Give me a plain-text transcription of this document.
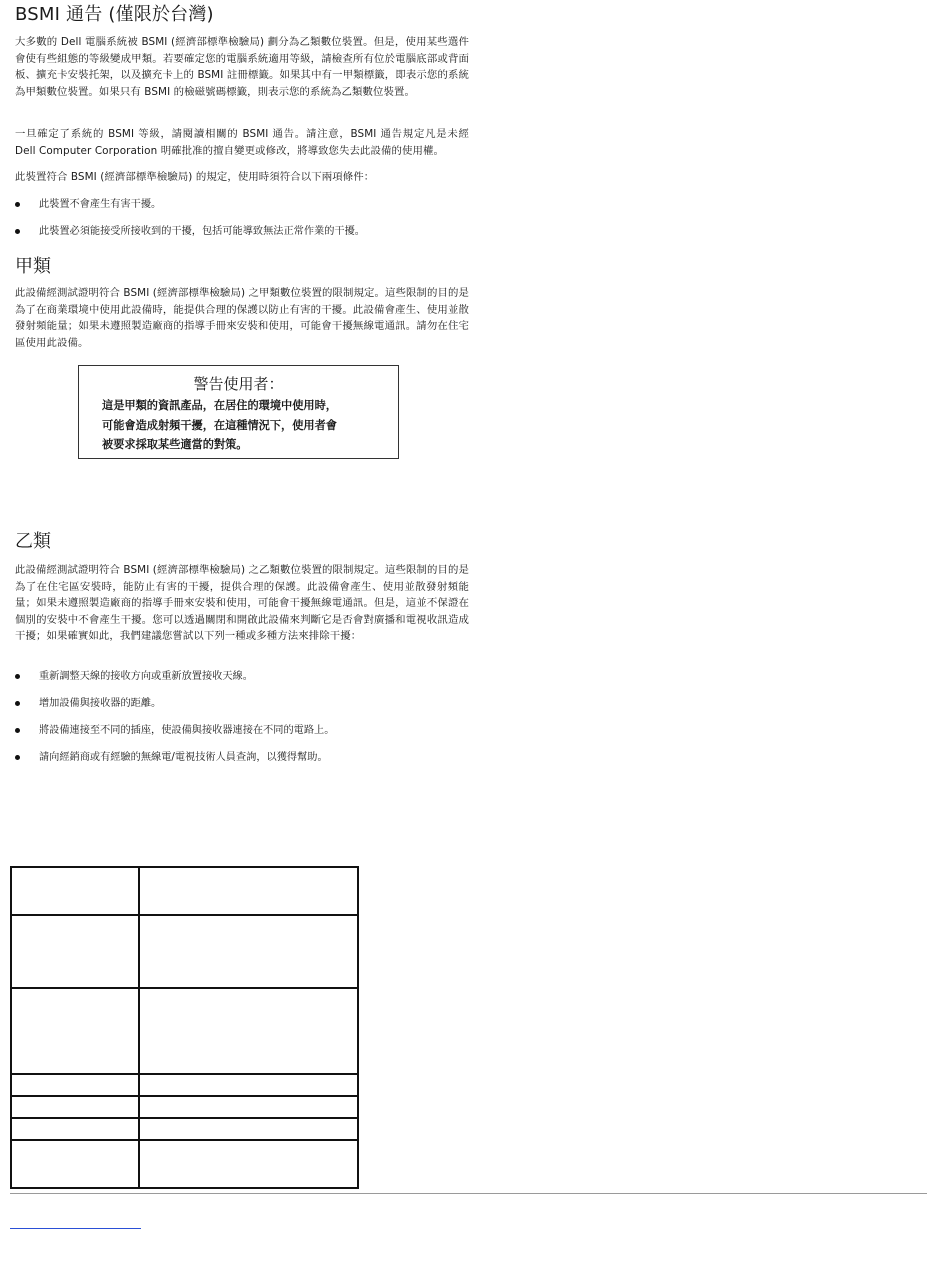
BSMI 通告 (僅限於台灣)

大多數的 Dell 電腦系統被 BSMI (經濟部標準檢驗局) 劃分為乙類數位裝置。但是，使用某些選件會使有些組態的等級變成甲類。若要確定您的電腦系統適用等級，請檢查所有位於電腦底部或背面板、擴充卡安裝托架，以及擴充卡上的 BSMI 註冊標籤。如果其中有一甲類標籤，即表示您的系統為甲類數位裝置。如果只有 BSMI 的檢磁號碼標籤，則表示您的系統為乙類數位裝置。

一旦確定了系統的 BSMI 等級，請閱讀相關的 BSMI 通告。請注意，BSMI 通告規定凡是未經 Dell Computer Corporation 明確批准的擅自變更或修改，將導致您失去此設備的使用權。

此裝置符合 BSMI (經濟部標準檢驗局) 的規定，使用時須符合以下兩項條件：

此裝置不會產生有害干擾。
此裝置必須能接受所接收到的干擾，包括可能導致無法正常作業的干擾。
甲類

此設備經測試證明符合 BSMI (經濟部標準檢驗局) 之甲類數位裝置的限制規定。這些限制的目的是為了在商業環境中使用此設備時，能提供合理的保護以防止有害的干擾。此設備會產生、使用並散發射頻能量；如果未遵照製造廠商的指導手冊來安裝和使用，可能會干擾無線電通訊。請勿在住宅區使用此設備。

警告使用者：
這是甲類的資訊產品，在居住的環境中使用時，
可能會造成射頻干擾，在這種情況下，使用者會
被要求採取某些適當的對策。
乙類

此設備經測試證明符合 BSMI (經濟部標準檢驗局) 之乙類數位裝置的限制規定。這些限制的目的是為了在住宅區安裝時，能防止有害的干擾，提供合理的保護。此設備會產生、使用並散發射頻能量；如果未遵照製造廠商的指導手冊來安裝和使用，可能會干擾無線電通訊。但是，這並不保證在個別的安裝中不會產生干擾。您可以透過關閉和開啟此設備來判斷它是否會對廣播和電視收訊造成干擾；如果確實如此，我們建議您嘗試以下列一種或多種方法來排除干擾：

重新調整天線的接收方向或重新放置接收天線。
增加設備與接收器的距離。
將設備連接至不同的插座，使設備與接收器連接在不同的電路上。
請向經銷商或有經驗的無線電/電視技術人員查詢，以獲得幫助。
